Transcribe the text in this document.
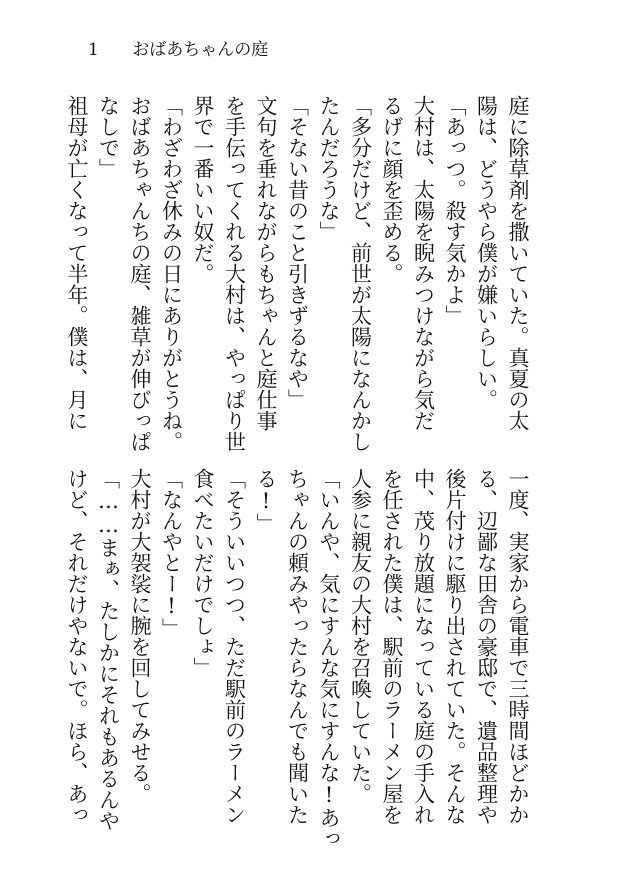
1 おばあちゃんの庭
庭に除草剤を撒いていた。真夏の太
陽は、どうやら僕が嫌いらしい。
「あっつ。殺す気かよ」
大村は、太陽を睨みつけながら気だ
るげに顔を歪める。
「多分だけど、前世が太陽になんかし
たんだろうな」
「そない昔のこと引きずるなや」
文句を垂れながらもちゃんと庭仕事
を手伝ってくれる大村は、やっぱり世
界で一番いい奴だ。
「わざわざ休みの日にありがとうね。
おばあちゃんちの庭、雑草が伸びっぱ
なしで」
祖母が亡くなって半年。僕は、月に
一度、実家から電車で三時間ほどかか
る、辺鄙な田舎の豪邸で、遺品整理や
後片付けに駆り出されていた。そんな
中、茂り放題になっている庭の手入れ
を任された僕は、駅前のラーメン屋を
人参に親友の大村を召喚していた。
「いんや、気にすんな気にすんな!あっ
ちゃんの頼みやったらなんでも聞いた
る!」
「そういいつつ、ただ駅前のラーメン
食べたいだけでしょ」
「なんやとー!」
大村が大袈裟に腕を回してみせる。
「……まぁ、たしかにそれもあるんや
けど、それだけやないで。ほら、あっ
